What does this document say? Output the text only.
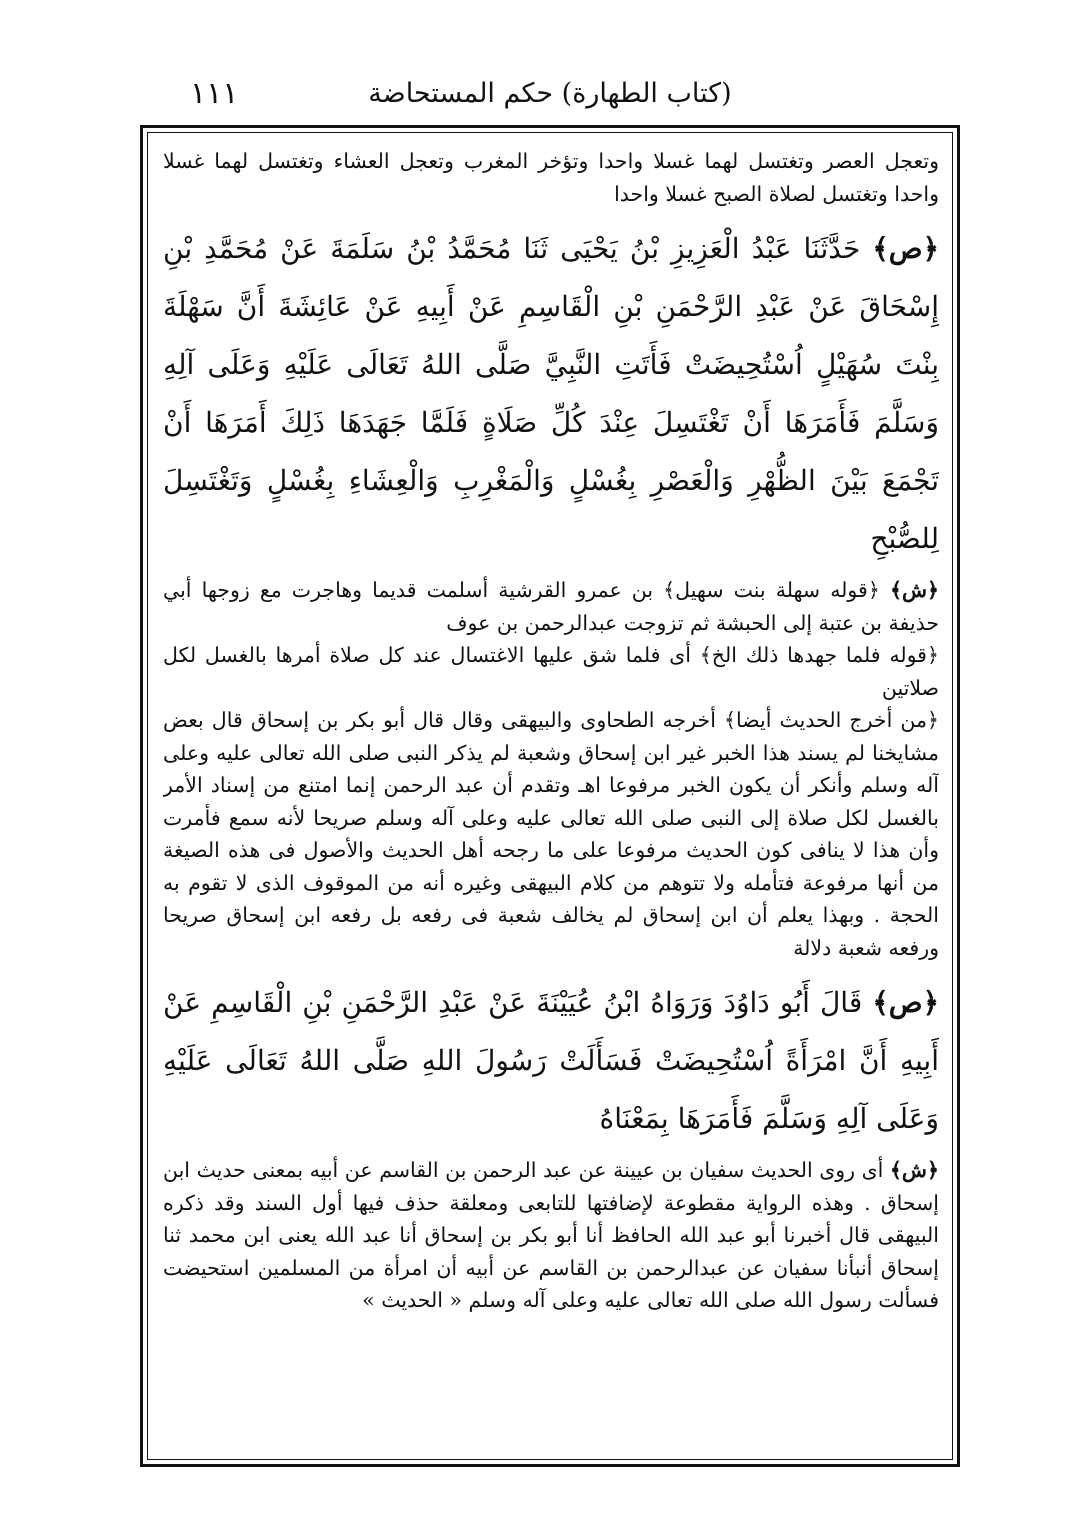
١١١	(كتاب الطهارة) حكم المستحاضة

وتعجل العصر وتغتسل لهما غسلا واحدا وتؤخر المغرب وتعجل العشاء وتغتسل لهما غسلا واحدا وتغتسل لصلاة الصبح غسلا واحدا

﴿ص﴾ حَدَّثَنَا عَبْدُ الْعَزِيزِ بْنُ يَحْيَى ثَنَا مُحَمَّدُ بْنُ سَلَمَةَ عَنْ مُحَمَّدِ بْنِ إِسْحَاقَ عَنْ عَبْدِ الرَّحْمَنِ بْنِ الْقَاسِمِ عَنْ أَبِيهِ عَنْ عَائِشَةَ أَنَّ سَهْلَةَ بِنْتَ سُهَيْلٍ اُسْتُحِيضَتْ فَأَتَتِ النَّبِيَّ صَلَّى اللهُ تَعَالَى عَلَيْهِ وَعَلَى آلِهِ وَسَلَّمَ فَأَمَرَهَا أَنْ تَغْتَسِلَ عِنْدَ كُلِّ صَلَاةٍ فَلَمَّا جَهَدَهَا ذَلِكَ أَمَرَهَا أَنْ تَجْمَعَ بَيْنَ الظُّهْرِ وَالْعَصْرِ بِغُسْلٍ وَالْمَغْرِبِ وَالْعِشَاءِ بِغُسْلٍ وَتَغْتَسِلَ لِلصُّبْحِ

﴿ش﴾ ﴿قوله سهلة بنت سهيل﴾ بن عمرو القرشية أسلمت قديما وهاجرت مع زوجها أبي حذيفة بن عتبة إلى الحبشة ثم تزوجت عبدالرحمن بن عوف

﴿قوله فلما جهدها ذلك الخ﴾ أى فلما شق عليها الاغتسال عند كل صلاة أمرها بالغسل لكل صلاتين

﴿من أخرج الحديث أيضا﴾ أخرجه الطحاوى والبيهقى وقال قال أبو بكر بن إسحاق قال بعض مشايخنا لم يسند هذا الخبر غير ابن إسحاق وشعبة لم يذكر النبى صلى الله تعالى عليه وعلى آله وسلم وأنكر أن يكون الخبر مرفوعا اهـ وتقدم أن عبد الرحمن إنما امتنع من إسناد الأمر بالغسل لكل صلاة إلى النبى صلى الله تعالى عليه وعلى آله وسلم صريحا لأنه سمع فأمرت وأن هذا لا ينافى كون الحديث مرفوعا على ما رجحه أهل الحديث والأصول فى هذه الصيغة من أنها مرفوعة فتأمله ولا تتوهم من كلام البيهقى وغيره أنه من الموقوف الذى لا تقوم به الحجة . وبهذا يعلم أن ابن إسحاق لم يخالف شعبة فى رفعه بل رفعه ابن إسحاق صريحا ورفعه شعبة دلالة

﴿ص﴾ قَالَ أَبُو دَاوُدَ وَرَوَاهُ ابْنُ عُيَيْنَةَ عَنْ عَبْدِ الرَّحْمَنِ بْنِ الْقَاسِمِ عَنْ أَبِيهِ أَنَّ امْرَأَةً اُسْتُحِيضَتْ فَسَأَلَتْ رَسُولَ اللهِ صَلَّى اللهُ تَعَالَى عَلَيْهِ وَعَلَى آلِهِ وَسَلَّمَ فَأَمَرَهَا بِمَعْنَاهُ

﴿ش﴾ أى روى الحديث سفيان بن عيينة عن عبد الرحمن بن القاسم عن أبيه بمعنى حديث ابن إسحاق . وهذه الرواية مقطوعة لإضافتها للتابعى ومعلقة حذف فيها أول السند وقد ذكره البيهقى قال أخبرنا أبو عبد الله الحافظ أنا أبو بكر بن إسحاق أنا عبد الله يعنى ابن محمد ثنا إسحاق أنبأنا سفيان عن عبدالرحمن بن القاسم عن أبيه أن امرأة من المسلمين استحيضت فسألت رسول الله صلى الله تعالى عليه وعلى آله وسلم « الحديث »
